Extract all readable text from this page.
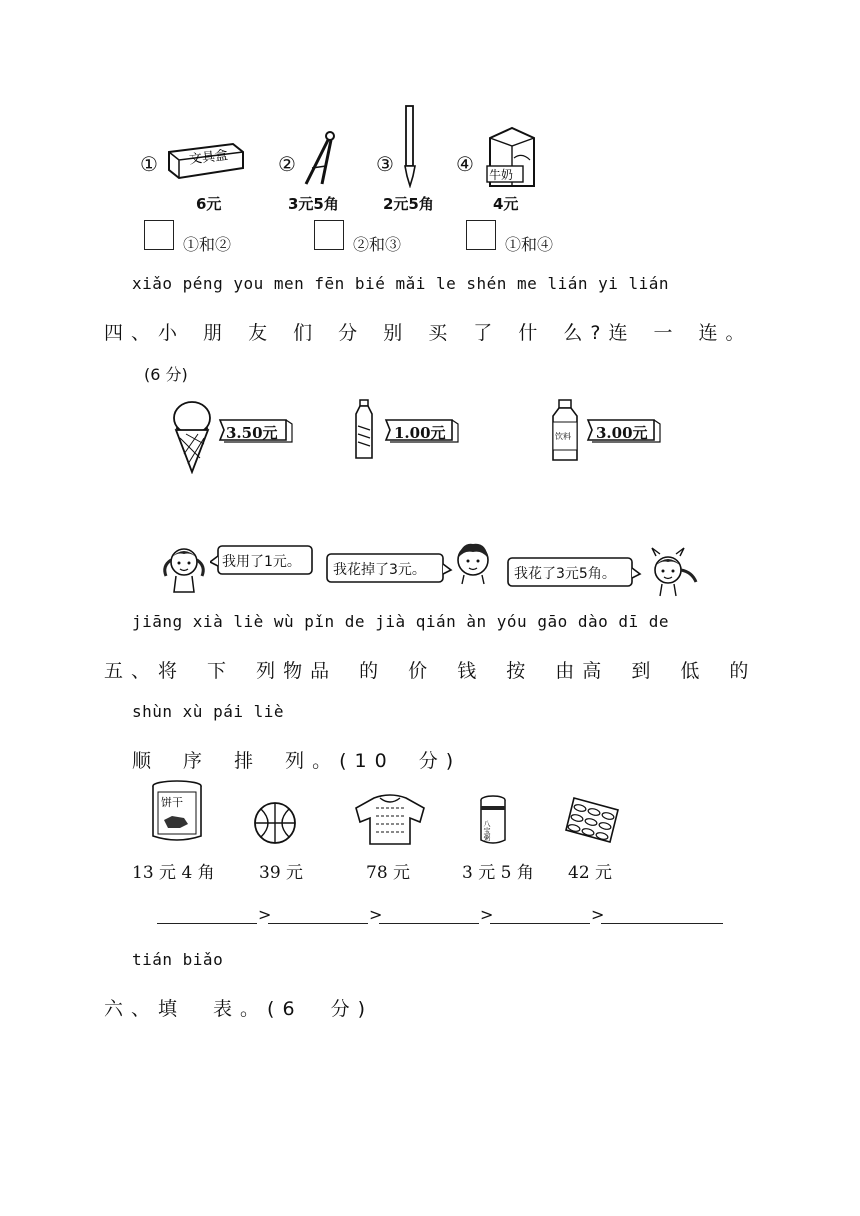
① 文具盒
6元
②
3元5角
③
2元5角
④ 牛奶
4元
①和②	②和③	①和④
xiǎo péng you men fēn bié mǎi le shén me lián yi lián
四、小 朋 友 们 分 别 买 了 什 么?连 一 连。
(6 分)
3.50元	1.00元	饮料 3.00元
我用了1元。 我花掉了3元。	我花了3元5角。
jiāng xià liè wù pǐn de jià qián àn yóu gāo dào dī de
五、将 下 列物品 的 价 钱 按 由高 到 低 的
shùn xù pái liè
顺 序 排 列。(10 分)
饼干
八宝粥
13 元 4 角	39 元	78 元	3 元 5 角 42 元
>	>	>	>
tián biǎo
六、填 表。(6 分)
